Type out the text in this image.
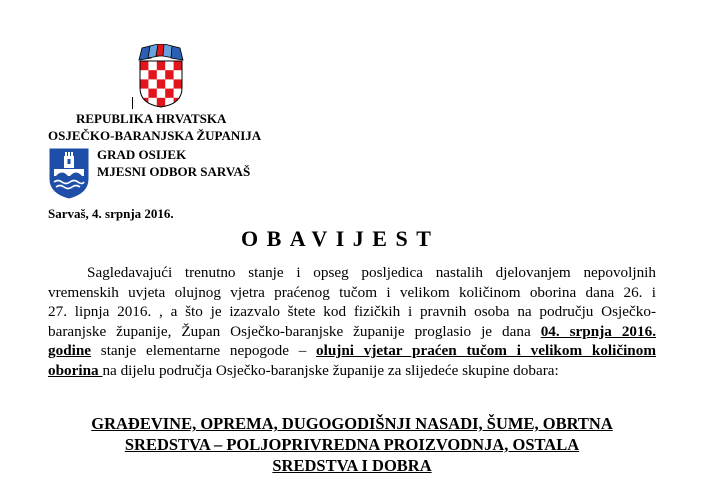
REPUBLIKA HRVATSKA
OSJEČKO-BARANJSKA ŽUPANIJA
GRAD OSIJEK
MJESNI ODBOR SARVAŠ
Sarvaš, 4. srpnja 2016.
OBAVIJEST
Sagledavajući trenutno stanje i opseg posljedica nastalih djelovanjem nepovoljnih
vremenskih uvjeta olujnog vjetra praćenog tučom i velikom količinom oborina dana 26. i
27. lipnja 2016. , a što je izazvalo štete kod fizičkih i pravnih osoba na području Osječko-
baranjske županije, Župan Osječko-baranjske županije proglasio je dana 04. srpnja 2016.
godine stanje elementarne nepogode – olujni vjetar praćen tučom i velikom količinom
oborina na dijelu područja Osječko-baranjske županije za slijedeće skupine dobara:
GRAĐEVINE, OPREMA, DUGOGODIŠNJI NASADI, ŠUME, OBRTNA
SREDSTVA – POLJOPRIVREDNA PROIZVODNJA, OSTALA
SREDSTVA I DOBRA
